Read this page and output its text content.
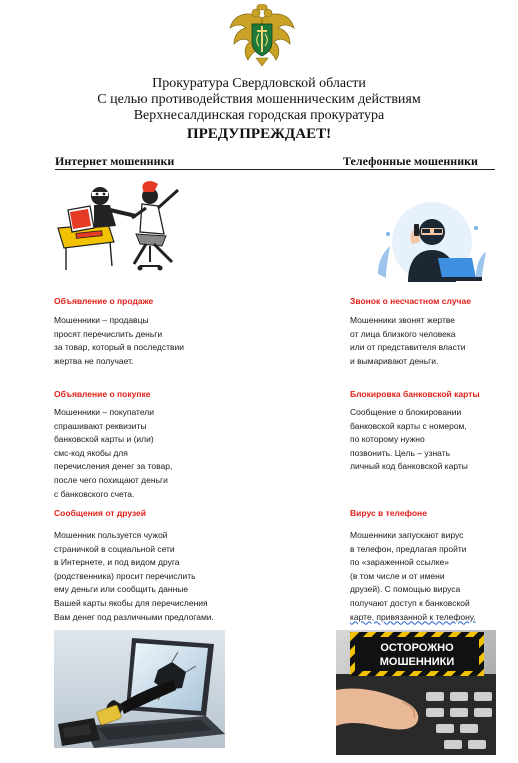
Прокуратура Свердловской области
С целью противодействия мошенническим действиям
Верхнесалдинская городская прокуратура
ПРЕДУПРЕЖДАЕТ!
Интернет мошенники	Телефонные мошенники
Объявление о продаже
Мошенники – продавцы
просят перечислить деньги
за товар, который в последствии
жертва не получает.
Объявление о покупке
Мошенники – покупатели
спрашивают реквизиты
банковской карты и (или)
смс-код якобы для
перечисления денег за товар,
после чего похищают деньги
с банковского счета.
Сообщения от друзей
Мошенник пользуется чужой
страничкой в социальной сети
в Интернете, и под видом друга
(родственника) просит перечислить
ему деньги или сообщить данные
Вашей карты якобы для перечисления
Вам денег под различными предлогами.
Звонок о несчастном случае
Мошенники звонят жертве
от лица близкого человека
или от представителя власти
и вымаривают деньги.
Блокировка банковской карты
Сообщение о блокировании
банковской карты с номером,
по которому нужно
позвонить. Цель – узнать
личный код банковской карты
Вирус в телефоне
Мошенники запускают вирус
в телефон, предлагая пройти
по «зараженной ссылке»
(в том числе и от имени
друзей). С помощью вируса
получают доступ к банковской
карте, привязанной к телефону.
ОСТОРОЖНО
МОШЕННИКИ
